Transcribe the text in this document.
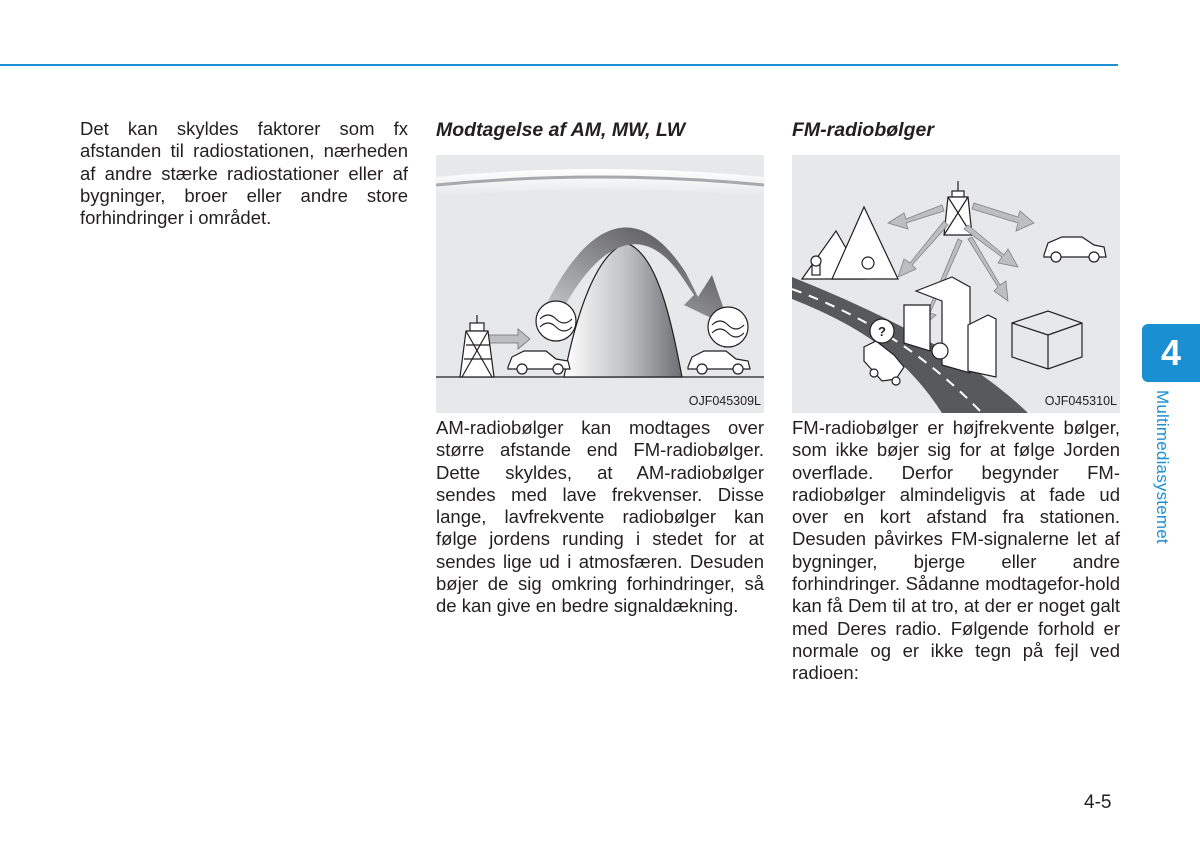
Det kan skyldes faktorer som fx afstanden til radiostationen, nærheden af andre stærke radiostationer eller af bygninger, broer eller andre store forhindringer i området.

Modtagelse af AM, MW, LW
OJF045309L

AM-radiobølger kan modtages over større afstande end FM-radiobølger. Dette skyldes, at AM-radiobølger sendes med lave frekvenser. Disse lange, lavfrekvente radiobølger kan følge jordens runding i stedet for at sendes lige ud i atmosfæren. Desuden bøjer de sig omkring forhindringer, så de kan give en bedre signaldækning.

FM-radiobølger
?
OJF045310L

FM-radiobølger er højfrekvente bølger, som ikke bøjer sig for at følge Jorden overflade. Derfor begynder FM-radiobølger almindeligvis at fade ud over en kort afstand fra stationen. Desuden påvirkes FM-signalerne let af bygninger, bjerge eller andre forhindringer. Sådanne modtagefor-hold kan få Dem til at tro, at der er noget galt med Deres radio. Følgende forhold er normale og er ikke tegn på fejl ved radioen:

4
Multimediasystemet
4-5
